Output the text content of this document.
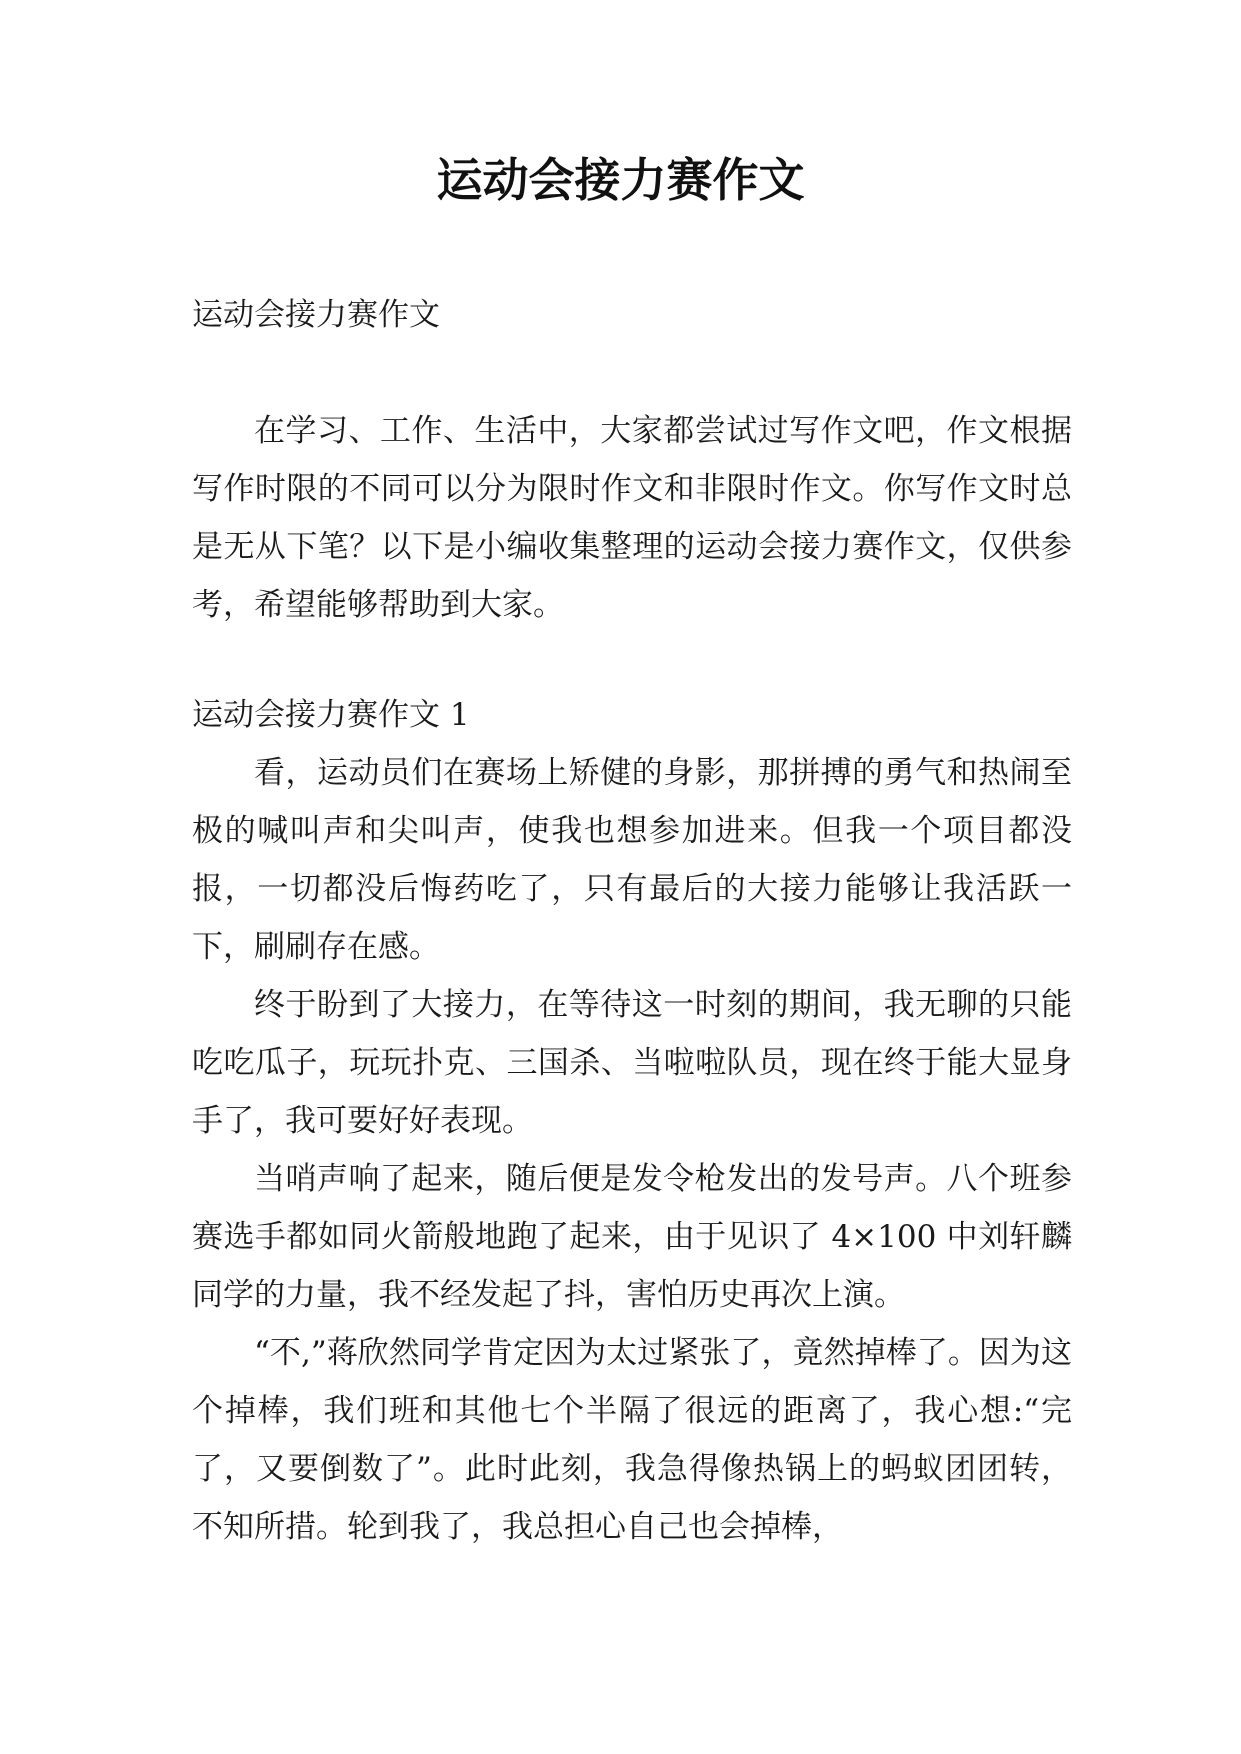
运动会接力赛作文

运动会接力赛作文

在学习、工作、生活中，大家都尝试过写作文吧，作文根据写作时限的不同可以分为限时作文和非限时作文。你写作文时总是无从下笔？以下是小编收集整理的运动会接力赛作文，仅供参考，希望能够帮助到大家。

运动会接力赛作文 1

看，运动员们在赛场上矫健的身影，那拼搏的勇气和热闹至极的喊叫声和尖叫声，使我也想参加进来。但我一个项目都没报，一切都没后悔药吃了，只有最后的大接力能够让我活跃一下，刷刷存在感。

终于盼到了大接力，在等待这一时刻的期间，我无聊的只能吃吃瓜子，玩玩扑克、三国杀、当啦啦队员，现在终于能大显身手了，我可要好好表现。

当哨声响了起来，随后便是发令枪发出的发号声。八个班参赛选手都如同火箭般地跑了起来，由于见识了 4×100 中刘轩麟同学的力量，我不经发起了抖，害怕历史再次上演。

“不,”蒋欣然同学肯定因为太过紧张了，竟然掉棒了。因为这个掉棒，我们班和其他七个半隔了很远的距离了，我心想:“完了，又要倒数了”。此时此刻，我急得像热锅上的蚂蚁团团转，不知所措。轮到我了，我总担心自己也会掉棒，
